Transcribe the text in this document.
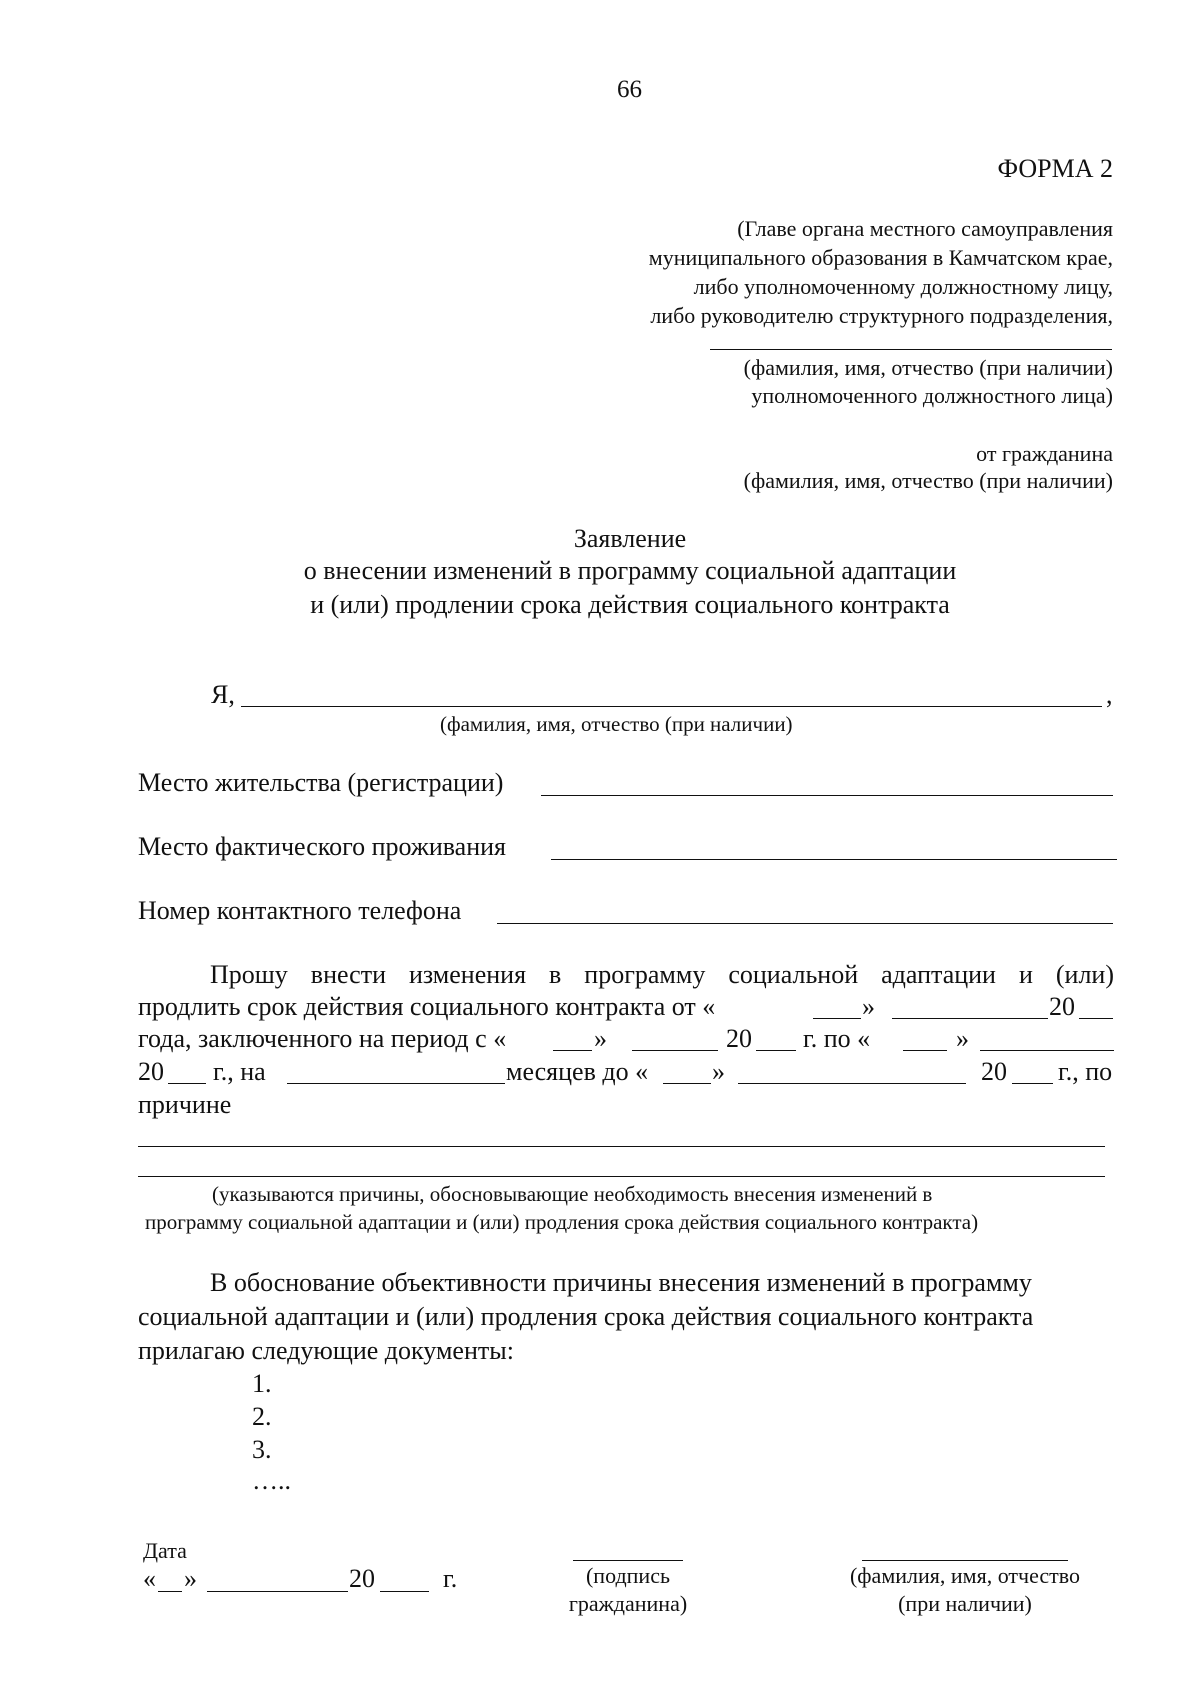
66
ФОРМА 2
(Главе органа местного самоуправления
муниципального образования в Камчатском крае,
либо уполномоченному должностному лицу,
либо руководителю структурного подразделения,
(фамилия, имя, отчество (при наличии)
уполномоченного должностного лица)
от гражданина
(фамилия, имя, отчество (при наличии)
Заявление
о внесении изменений в программу социальной адаптации
и (или) продлении срока действия социального контракта
Я,	,
(фамилия, имя, отчество (при наличии)
Место жительства (регистрации)
Место фактического проживания
Номер контактного телефона
Прошу внести изменения в программу социальной адаптации и (или)
продлить срок действия социального контракта от «	»	20
года, заключенного на период с «	»	20 г. по «	»
20 г., на	месяцев до « »	20 г., по
причине
(указываются причины, обосновывающие необходимость внесения изменений в
программу социальной адаптации и (или) продления срока действия социального контракта)
В обоснование объективности причины внесения изменений в программу
социальной адаптации и (или) продления срока действия социального контракта
прилагаю следующие документы:
1.
2.
3.
…..
Дата
« »	20	г.	(подпись
гражданина)
(фамилия, имя, отчество
(при наличии)
